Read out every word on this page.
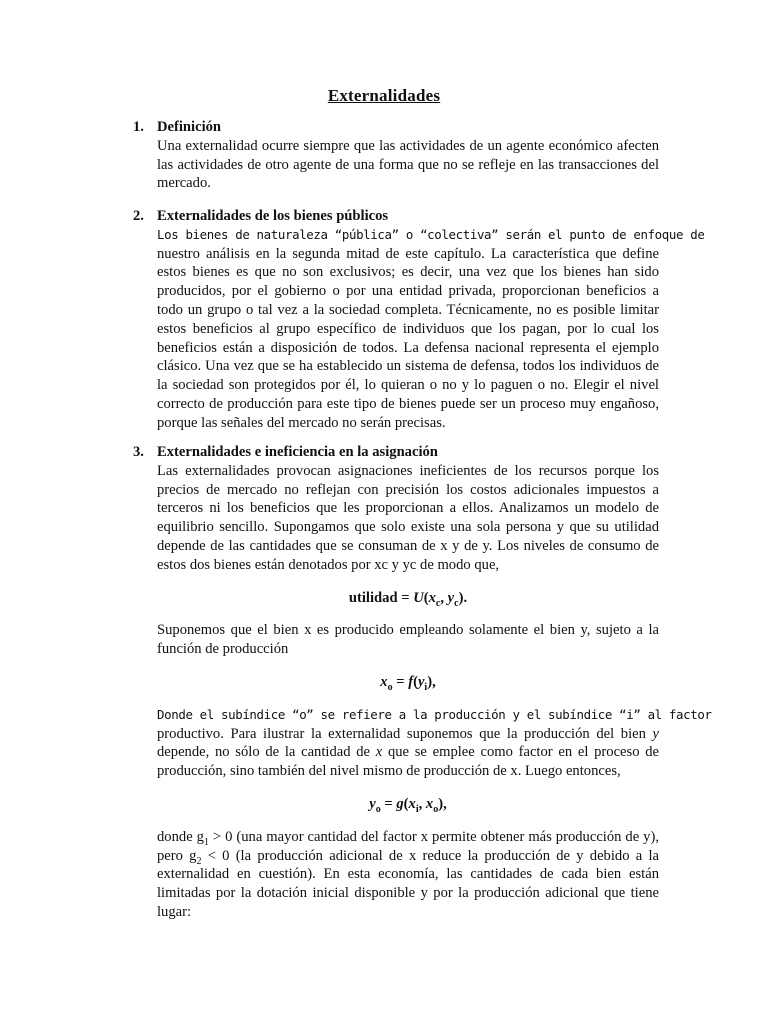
Externalidades
1. Definición
Una externalidad ocurre siempre que las actividades de un agente económico afecten las actividades de otro agente de una forma que no se refleje en las transacciones del mercado.
2. Externalidades de los bienes públicos
Los bienes de naturaleza “pública” o “colectiva” serán el punto de enfoque de
nuestro análisis en la segunda mitad de este capítulo. La característica que define estos bienes es que no son exclusivos; es decir, una vez que los bienes han sido producidos, por el gobierno o por una entidad privada, proporcionan beneficios a todo un grupo o tal vez a la sociedad completa. Técnicamente, no es posible limitar estos beneficios al grupo específico de individuos que los pagan, por lo cual los beneficios están a disposición de todos. La defensa nacional representa el ejemplo clásico. Una vez que se ha establecido un sistema de defensa, todos los individuos de la sociedad son protegidos por él, lo quieran o no y lo paguen o no. Elegir el nivel correcto de producción para este tipo de bienes puede ser un proceso muy engañoso, porque las señales del mercado no serán precisas.
3. Externalidades e ineficiencia en la asignación
Las externalidades provocan asignaciones ineficientes de los recursos porque los precios de mercado no reflejan con precisión los costos adicionales impuestos a terceros ni los beneficios que les proporcionan a ellos. Analizamos un modelo de equilibrio sencillo. Supongamos que solo existe una sola persona y que su utilidad depende de las cantidades que se consuman de x y de y. Los niveles de consumo de estos dos bienes están denotados por xc y yc de modo que,
utilidad = $U(x_c$, $y_c$).
Suponemos que el bien x es producido empleando solamente el bien y, sujeto a la función de producción
$x_o = f(y_i)$,
Donde el subíndice “o” se refiere a la producción y el subíndice “i” al factor
productivo. Para ilustrar la externalidad suponemos que la producción del bien y depende, no sólo de la cantidad de x que se emplee como factor en el proceso de producción, sino también del nivel mismo de producción de x. Luego entonces,
$y_o = g(x_i$, $x_o$),
donde $g_1 > 0$ (una mayor cantidad del factor x permite obtener más producción de y), pero $g_2 < 0$ (la producción adicional de x reduce la producción de y debido a la externalidad en cuestión). En esta economía, las cantidades de cada bien están limitadas por la dotación inicial disponible y por la producción adicional que tiene lugar:
